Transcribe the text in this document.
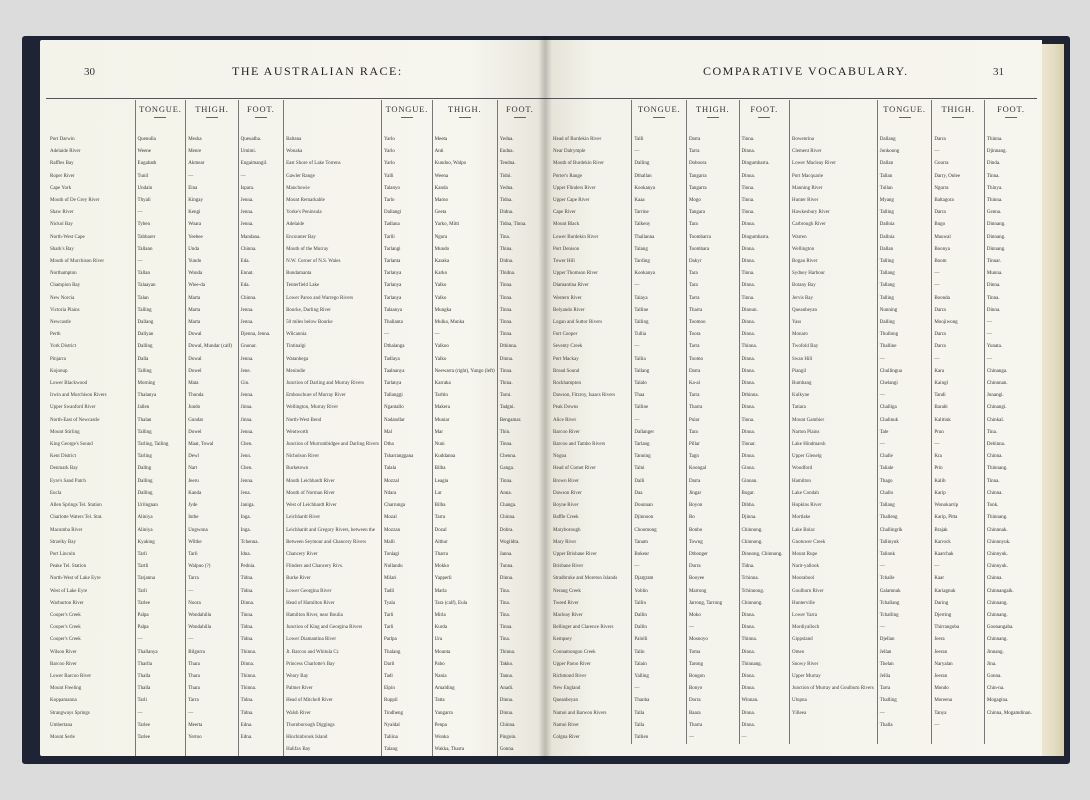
30	THE AUSTRALIAN RACE:
	TONGUE.	THIGH.	FOOT.		TONGUE.	THIGH.	FOOT.

Port Darwin	Quenulla	Mesha	Queualba.	Baltana	Yarlo	Meeta	Yedna.
Adelaide River	Weene	Menre	Umimi.	Wonaka	Yarlo	Anti	Endna.
Raffles Bay	Eugabath	Akmear	Engaimangil.	East Shore of Lake Torrens	Yarlo	Kundoo, Walpo	Tendna.
Roper River	Tunil	—	—	Gawler Range	Yalli	Weena	Tidni.
Cape York	Undain	Eina	Ispara.	Manchowie	Talanyo	Kanda	Yedna.
Mouth of De Grey River	Thyali	Kingay	Jenna.	Mount Remarkable	Tarlo	Marno	Tidna.
Shaw River	—	Kengi	Jenna.	Yorke's Peninsula	Dallangi	Geeta	Didna.
Nickol Bay	Tyben	Woara	Jenna.	Adelaide	Tadlana	Yarko, Mitti	Tidna, Tinna.
North-West Cape	Tabbarer	Yeebee	Mandana.	Encounter Bay	Tarlli	Ngura	Tina.
Shark's Bay	Tallann	Unda	Chinna.	Mouth of the Murray	Tarlangi	Mundo	Thina.
Mouth of Murchison River	—	Yundo	Eda.	N.W. Corner of N.S. Wales	Tarlanta	Karaka	Didna.
Northampton	Tallan	Wonda	Ennat.	Bundamanta	Tarlanya	Karko	Thidna.
Champion Bay	Talaayan	Wiee-da	Eda.	Tenterfield Lake	Tarlanya	Yalko	Tinna.
New Norcia	Talan	Marta	Chinna.	Lower Paroo and Warrego Rivers	Tarlanya	Yalko	Tinna.
Victoria Plains	Talling	Marta	Jenna.	Bourke, Darling River	Talaanya	Mungka	Tinna.
Newcastle	Dallang	Marta	Jenna.	50 miles below Bourke	Thallanta	Mulka, Munka	Tinna.
Perth	Dallyan	Dowal	Djenna, Jenna.	Wilcannia	—	—	Tinna.
York District	Dalling	Dowal, Mundar (calf)	Gnonar.	Tintinalgi	Dthalanga	Yalkoo	Dthinna.
Pinjarra	Dalla	Dowal	Jenna.	Watanbega	Tadlaya	Yalko	Dinna.
Kojonup	Talling	Dowel	Jene.	Menindie	Taalnanya	Neewarra (right), Yungo (left)	Tinna.
Lower Blackwood	Morning	Mata	Gin.	Junction of Darling and Murray Rivers	Tarlanya	Karraka	Thina.
Irwin and Murchison Rivers	Thalanya	Thonda	Jenna.	Embouchure of Murray River	Tallanggi	Tarltin	Tarni.
Upper Swanford River	Jallen	Jundo	Jinna.	Wellington, Murray River	Ngantallo	Makera	Tadgni.
North-East of Newcastle	Thalan	Gundar	Jinna.	North-West Bend	Nadandlar	Muniar	Bengamar.
Mount Stirling	Talling	Dowel	Jenna.	Wentworth	Mal	Mar	Thin.
King George's Sound	Tarling, Tailing	Maat, Towal	Chen.	Junction of Murrumbidgee and Darling Rivers	Dtha	Nuni	Tinna.
Kent District	Tarling	Dewl	Jenn.	Nicholson River	Tsharranggana	Kuddanna	Chenna.
Denmark Bay	Dallng	Nart	Chen.	Burketown	Talala	Bilba	Ganga.
Eyre's Sand Patch	Dalling	Jeeru	Jenna.	Mouth Leichhardt River	Mozzal	Leagia	Tinna.
Eucla	Dalling	Kanda	Jena.	Mouth of Norman River	Ndara	Lar	Anna.
Allen Springs Tel. Station	Urilngnan	Jyde	Janiga.	West of Leichhardt River	Charrunga	Bilba	Changa.
Charlotte Waters Tel. Stat.	Aliniya	Inthe	Inga.	Leichhardt River	Mozal	Tarra	Chinna.
Macumba River	Aliniya	Ungwona	Inga.	Leichhardt and Gregory Rivers, between the	Mozzan	Dozal	Dobra.
Strzelky Bay	Kyaking	Wilthe	Tchenna.	Between Seymour and Chancery Rivers	Malli	Althur	Wogildra.
Port Lincoln	Tarli	Tarli	Idna.	Chancery River	Tonlagi	Tharra	Janna.
Peake Tel. Station	Tartli	Walpuo (?)	Pednia.	Flinders and Chancery Rivs.	Nullandu	Mokko	Tunna.
North-West of Lake Eyre	Tarjanna	Tarra	Tidna.	Burke River	Milari	Yapperli	Dinna.
West of Lake Eyre	Tarli	—	Tidna.	Lower Georgina River	Tadli	Marla	Tina.
Warburton River	Tarlee	Noora	Dinna.	Head of Hamilton River	Tyala	Tara (calf), Eula	Tina.
Cooper's Creek	Palpa	Wondahilla	Tinna.	Hamilton River, near Boulia	Tarli	Mirla	Tina.
Cooper's Creek	Palpa	Wondahilla	Tidna.	Junction of King and Georgina Rivers	Tarli	Kurda	Tinna.
Cooper's Creek	—	—	Tidna.	Lower Diamantina River	Parlpa	Ura	Tina.
Wilson River	Thallanya	Bilgurra	Thinna.	Jt. Barcoo and Whitula Cr.	Thalang	Mounta	Thinna.
Barcoo River	Tharlla	Thara	Dinna.	Princess Charlotte's Bay	Darli	Pabo	Takko.
Lower Barcoo River	Thalla	Thara	Thinna.	Weary Bay	Tadl	Nania	Tanna.
Mount Freeling	Thalla	Thara	Thinna.	Palmer River	Elpin	Amalding	Anadi.
Koppamanna	Tarli	Tarra	Tidna.	Head of Mitchell River	Ruppil	Tatta	Dinna.
Strangways Springs	—	—	Tidna.	Walsh River	Tindheng	Yangarra	Dinna.
Umbertana	Tarlee	Meerta	Edna.	Thornborough Diggings	Nyaldal	Penpa	Chinna.
Mount Serle	Tarlee	Yertoo	Edna.	Hinchinbrook Island	Taliina	Wonka	Pingoin.
				Halifax Bay	Talang	Wakka, Tharra	Gonna.
COMPARATIVE VOCABULARY.	31
	TONGUE.	THIGH.	FOOT.		TONGUE.	THIGH.	FOOT.

Head of Burdekin River	Talli	Darra	Tinna.	Bowenrina	Dallang	Darra	Thinna.
Near Dalrymple	—	Tarra	Dinna.	Clement River	Jonkoong	—	Djinnang.
Mouth of Burdekin River	Dalling	Doboora	Dingumbarra.	Lower Macleay River	Dallan	Gourra	Dinda.
Porter's Range	Dthallan	Tangarra	Dinna.	Port Macquarie	Tallan	Darry, Onlee	Tinna.
Upper Flinders River	Kookanya	Tangarra	Tinna.	Manning River	Tullan	Ngurra	Thinya.
Upper Cape River	Kaaa	Mogo	Tinna.	Hunter River	Myang	Baltagora	Thinna.
Cape River	Tarrine	Tangara	Tinna.	Hawkesbury River	Talling	Darra	Genna.
Mount Black	Talkeny	Tara	Dinna.	Carbrough River	Dallnia	Bugo	Dinnang.
Lower Burdekin River	Thallanna	Toombarra	Dingumbarra.	Warren	Dallnia	Mauwal	Dinnang.
Port Denison	Talang	Toombara	Dinna.	Wellington	Dallan	Boonya	Dinnang.
Tower Hill	Tarding	Dakyr	Dinna.	Bogan River	Talling	Boom	Tinnar.
Upper Thomson River	Kookanya	Tara	Tinna.	Sydney Harbour	Tallang	—	Munna.
Diamantina River	—	Tara	Dinna.	Botany Bay	Tallang	—	Dinna.
Western River	Talaya	Tarra	Tinna.	Jervis Bay	Talling	Boonda	Tinna.
Belyando River	Talline	Tharra	Dinnun.	Queanbeyan	Nunning	Darra	Dinna.
Logan and Suttor Rivers	Talling	Toomoo	Dinna.	Yass	Dalling	Moojiwong	—
Fort Cooper	Tullia	Toora	Dinna.	Monaro	Thullong	Darra	—
Seventy Creek	—	Tarra	Thinna.	Twofold Bay	Thalline	Darra	Yunata.
Port Mackay	Tallia	Toomo	Dinna.	Swan Hill	—	—	—
Broad Sound	Tallang	Darra	Dinna.	Piangil	Chullingua	Kara	Chinanga.
Rockhampton	Talalo	Ka-al	Dinna.	Bumbang	Chelangi	Kaingl	Chinnnan.
Dawson, Fitzroy, Isaacs Rivers	Thaa	Tarra	Dthinna.	Kulkyne	—	Tandi	Junangi.
Peak Downs	Talline	Tharra	Dinna.	Tatiara	Challiga	Barabi	Chinangi.
Alice River	—	Pular	Tinna.	Mount Gambier	Chalinuk	Kalitiuk	Chinkal.
Barcoo River	Dallanger	Tara	Dinna.	Narton Plains	Tale	Prun	Tina.
Barcoo and Tambo Rivers	Tarlang	Pillar	Tinnar.	Lake Hindmarsh	—	—	Dehinna.
Nogoa	Tanning	Tagn	Dinna.	Upper Glenelg	Challe	Kra	Chinna.
Head of Comet River	Talni	Koongal	Ginna.	Woodford	Taliale	Prin	Thinnang.
Brown River	Dalli	Darra	Ginnan.	Hamilton	Thago	Kalib	Tinna.
Dawson River	Daa	Jingar	Bogar.	Lake Condah	Challo	Karip	Chinna.
Boyne River	Dounnan	Boyon	Dibba.	Hopkins River	Tallang	Wonokarrip	Tonk.
Baffle Creek	Djinnoon	Bo	Djinna.	Mortlake	Thalleng	Karip, Pitta	Thinnang.
Maryborough	Choomong	Bonbo	Chinnong.	Lake Bolac	Challingrik	Brajak	Chinnnak.
Mary River	Tanam	Towng	Chinnong.	Gnotuwer Creek	Tallinyuk	Karrock	Chinnnyuk.
Upper Brisbane River	Bokeur	Dtbonger	Dinnong, Chinnong.	Mount Rupe	Talinnk	Kaarchak	Chinnyuk.
Brisbane River	—	Durra	Tidna.	Narit-yallook	—	—	Chinnyuk.
Stradbroke and Moreton Islands	Djargram	Booyee	Tchinna.	Moorabool	Tchalle	Kaar	Chinna.
Nerang Creek	Yoblin	Marrong	Tchinnong.	Goulburn River	Galamnuk	Kariagnuk	Chinnangaik.
Tweed River	Tallin	Jarrong, Tarrong	Chinnong.	Hunterville	Tchallang	Daring	Chinnang.
Macleay River	Dallin	Moko	Dinna.	Lower Yarra	Tchalling	Djerring	Chinnang.
Bellinger and Clarence Rivers	Dallin	—	Dinna.	Mordiyalloch	—	Thirrangoba	Goonangaba.
Kempsey	Palolli	Mosnoyo	Thinna.	Gippsland	Djellan	Jeera	Chinnang.
Coonamongon Creek	Talin	Toma	Dinna.	Omeo	Jellan	Jeeran	Jinnang.
Upper Paroo River	Talain	Tarong	Thinnang.	Snowy River	Thelan	Naryalan	Jina.
Richmond River	Yalling	Bongon	Dinna.	Upper Murray	Jellia	Jeeran	Gonna.
New England	—	Bonyo	Dinna.	Junction of Murray and Goulburn Rivers	Tarra	Mondo	Chin-na.
Queanbeyan	Thanba	Dorra	Winnan.	Ulupna	Thalling	Moreena	Mogagina.
Namoi and Barwon Rivers	Talla	Baara	Dinna.	Yilleea	—	Tanya	Chinna, Mogamdinan.
Namoi River	Talla	Tharra	Dinna.		Thalla	—	
Colgna River	Tallien	—	—				
